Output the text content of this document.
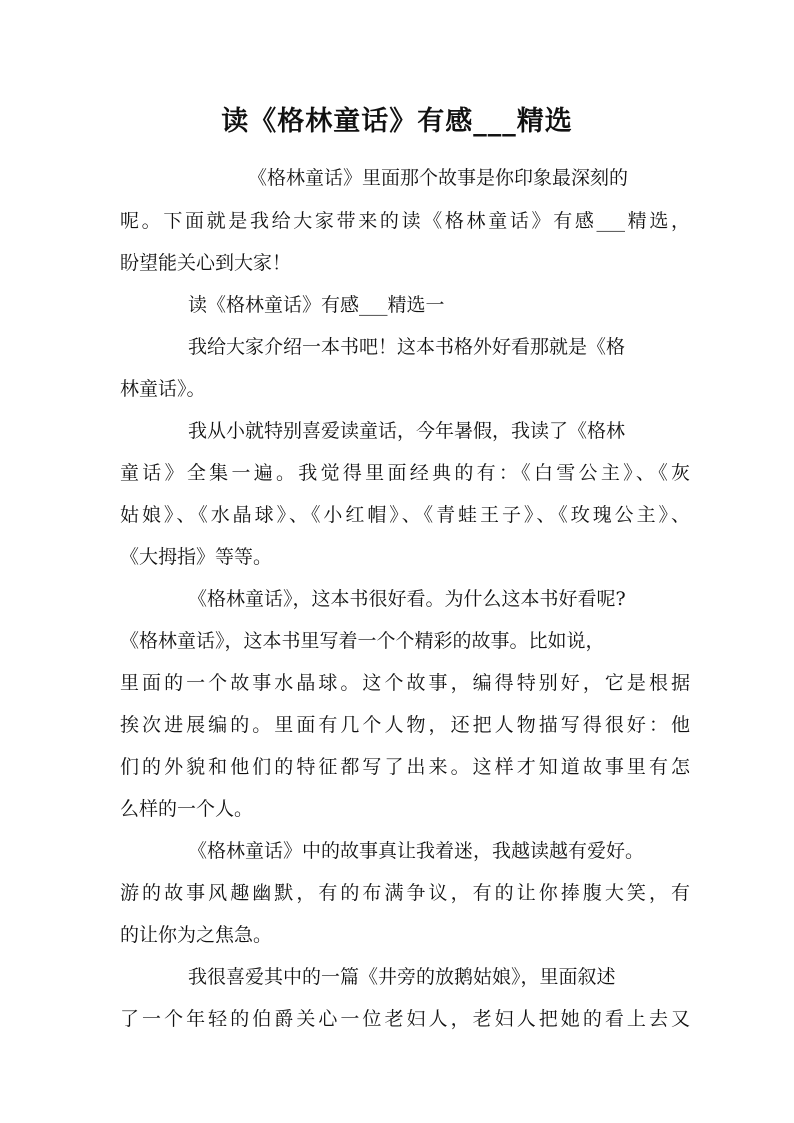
读《格林童话》有感___精选

《格林童话》里面那个故事是你印象最深刻的

呢。下面就是我给大家带来的读《格林童话》有感___精选，

盼望能关心到大家！

读《格林童话》有感___精选一

我给大家介绍一本书吧！这本书格外好看那就是《格

林童话》。

我从小就特别喜爱读童话，今年暑假，我读了《格林

童话》全集一遍。我觉得里面经典的有：《白雪公主》、《灰

姑娘》、《水晶球》、《小红帽》、《青蛙王子》、《玫瑰公主》、

《大拇指》等等。

《格林童话》，这本书很好看。为什么这本书好看呢?

《格林童话》，这本书里写着一个个精彩的故事。比如说，

里面的一个故事水晶球。这个故事，编得特别好，它是根据

挨次进展编的。里面有几个人物，还把人物描写得很好：他

们的外貌和他们的特征都写了出来。这样才知道故事里有怎

么样的一个人。

《格林童话》中的故事真让我着迷，我越读越有爱好。

游的故事风趣幽默，有的布满争议，有的让你捧腹大笑，有

的让你为之焦急。

我很喜爱其中的一篇《井旁的放鹅姑娘》，里面叙述

了一个年轻的伯爵关心一位老妇人，老妇人把她的看上去又
